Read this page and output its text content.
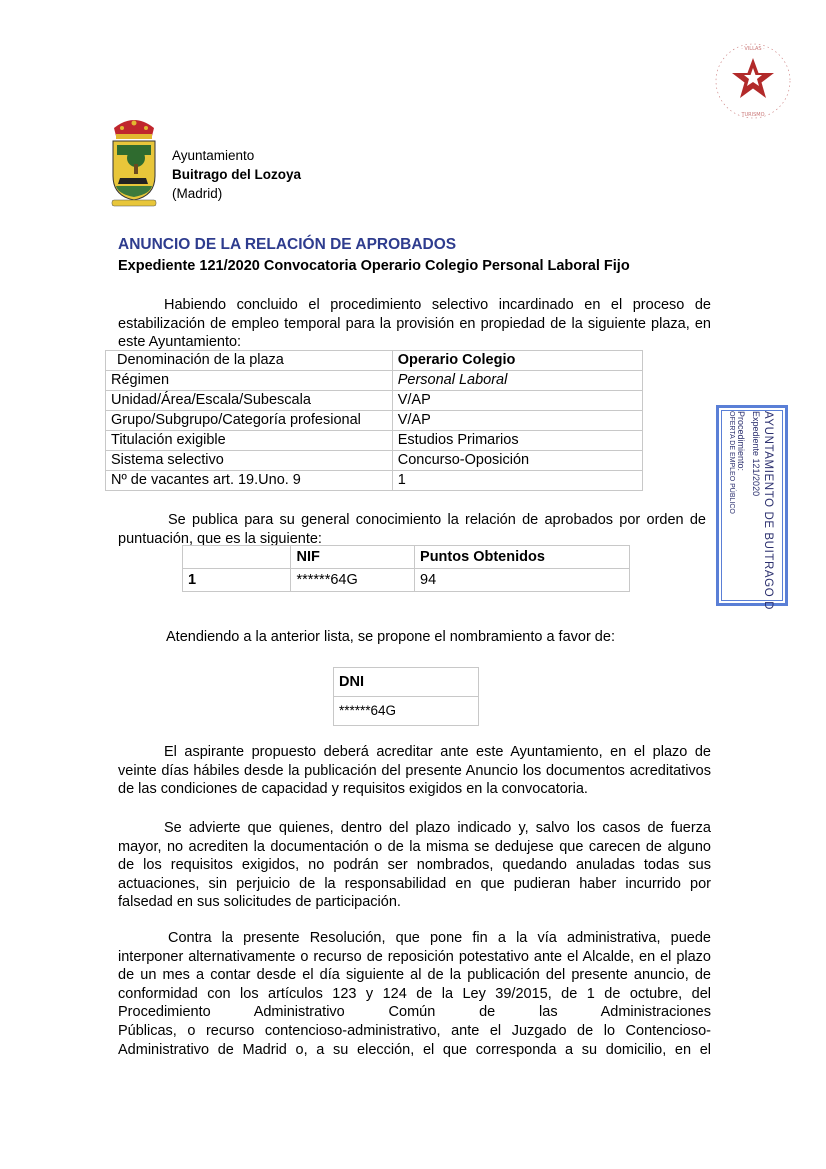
· VILLAS ·
TURISMO
Ayuntamiento
Buitrago del Lozoya
(Madrid)
ANUNCIO DE LA RELACIÓN DE APROBADOS
Expediente 121/2020 Convocatoria Operario Colegio Personal Laboral Fijo
Habiendo concluido el procedimiento selectivo incardinado en el proceso de estabilización de empleo temporal para la provisión en propiedad de la siguiente plaza, en este Ayuntamiento:
Denominación de la plaza	Operario Colegio
Régimen	Personal Laboral
Unidad/Área/Escala/Subescala	V/AP
Grupo/Subgrupo/Categoría profesional	V/AP
Titulación exigible	Estudios Primarios
Sistema selectivo	Concurso-Oposición
Nº de vacantes art. 19.Uno. 9	1
Se publica para su general conocimiento la relación de aprobados por orden de puntuación, que es la siguiente:
	NIF	Puntos Obtenidos
1	******64G	94
Atendiendo a la anterior lista, se propone el nombramiento a favor de:
DNI
******64G
El aspirante propuesto deberá acreditar ante este Ayuntamiento, en el plazo de veinte días hábiles desde la publicación del presente Anuncio los documentos acreditativos de las condiciones de capacidad y requisitos exigidos en la convocatoria.
Se advierte que quienes, dentro del plazo indicado y, salvo los casos de fuerza mayor, no acrediten la documentación o de la misma se dedujese que carecen de alguno de los requisitos exigidos, no podrán ser nombrados, quedando anuladas todas sus actuaciones, sin perjuicio de la responsabilidad en que pudieran haber incurrido por falsedad en sus solicitudes de participación.
Contra la presente Resolución, que pone fin a la vía administrativa, puede interponer alternativamente o recurso de reposición potestativo ante el Alcalde, en el plazo de un mes a contar desde el día siguiente al de la publicación del presente anuncio, de conformidad con los artículos 123 y 124 de la Ley 39/2015, de 1 de octubre, del Procedimiento Administrativo Común de las Administraciones
Públicas, o recurso contencioso-administrativo, ante el Juzgado de lo Contencioso-Administrativo de Madrid o, a su elección, el que corresponda a su domicilio, en el
AYUNTAMIENTO DE BUITRAGO D
Expediente 121/2020
Procedimiento:
OFERTA DE EMPLEO PÚBLICO
